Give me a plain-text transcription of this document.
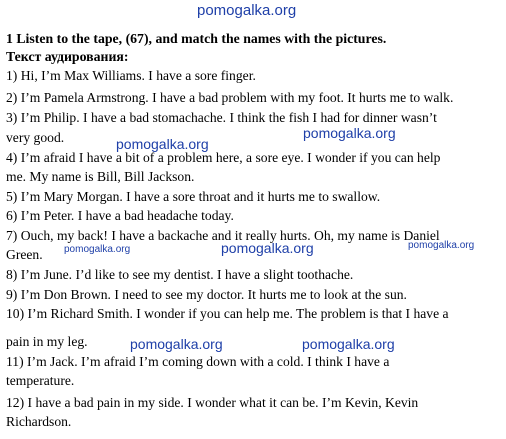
pomogalka.org
1 Listen to the tape, (67), and match the names with the pictures.
Текст аудирования:
1) Hi, I’m Max Williams. I have a sore finger.
2) I’m Pamela Armstrong. I have a bad problem with my foot. It hurts me to walk.
3) I’m Philip. I have a bad stomachache. I think the fish I had for dinner wasn’t
very good.
4) I’m afraid I have a bit of a problem here, a sore eye. I wonder if you can help
me. My name is Bill, Bill Jackson.
5) I’m Mary Morgan. I have a sore throat and it hurts me to swallow.
6) I’m Peter. I have a bad headache today.
7) Ouch, my back! I have a backache and it really hurts. Oh, my name is Daniel
Green.
8) I’m June. I’d like to see my dentist. I have a slight toothache.
9) I’m Don Brown. I need to see my doctor. It hurts me to look at the sun.
10) I’m Richard Smith. I wonder if you can help me. The problem is that I have a
pain in my leg.
11) I’m Jack. I’m afraid I’m coming down with a cold. I think I have a
temperature.
12) I have a bad pain in my side. I wonder what it can be. I’m Kevin, Kevin
Richardson.
pomogalka.org
pomogalka.org
pomogalka.org	pomogalka.org	pomogalka.org
pomogalka.org	pomogalka.org
